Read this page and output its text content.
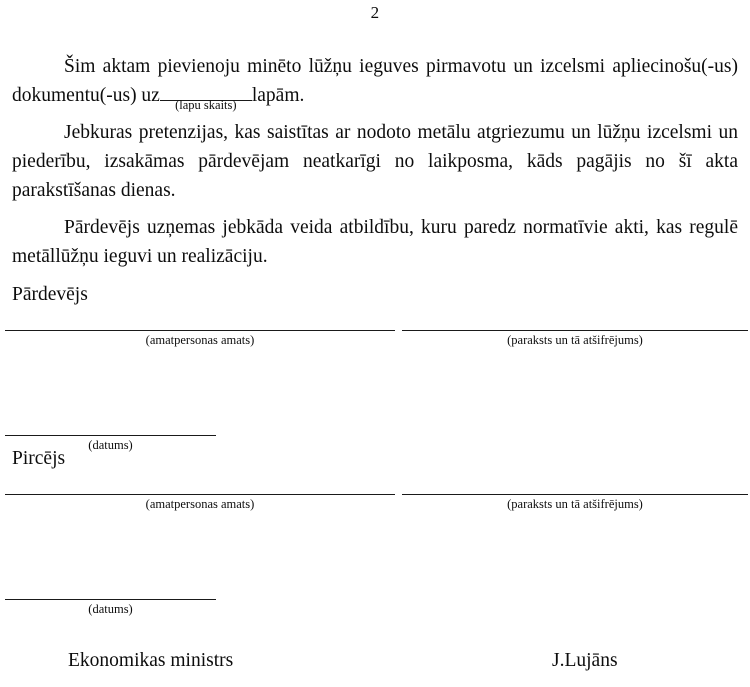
2

Šim aktam pievienoju minēto lūžņu ieguves pirmavotu un izcelsmi apliecinošu(-us) dokumentu(-us) uz (lapu skaits) lapām.

Jebkuras pretenzijas, kas saistītas ar nodoto metālu atgriezumu un lūžņu izcelsmi un piederību, izsakāmas pārdevējam neatkarīgi no laikposma, kāds pagājis no šī akta parakstīšanas dienas.

Pārdevējs uzņemas jebkāda veida atbildību, kuru paredz normatīvie akti, kas regulē metāllūžņu ieguvi un realizāciju.

Pārdevējs
(amatpersonas amats)	(paraksts un tā atšifrējums)
(datums)
Pircējs
(amatpersonas amats)	(paraksts un tā atšifrējums)
(datums)
Ekonomikas ministrs	J.Lujāns
